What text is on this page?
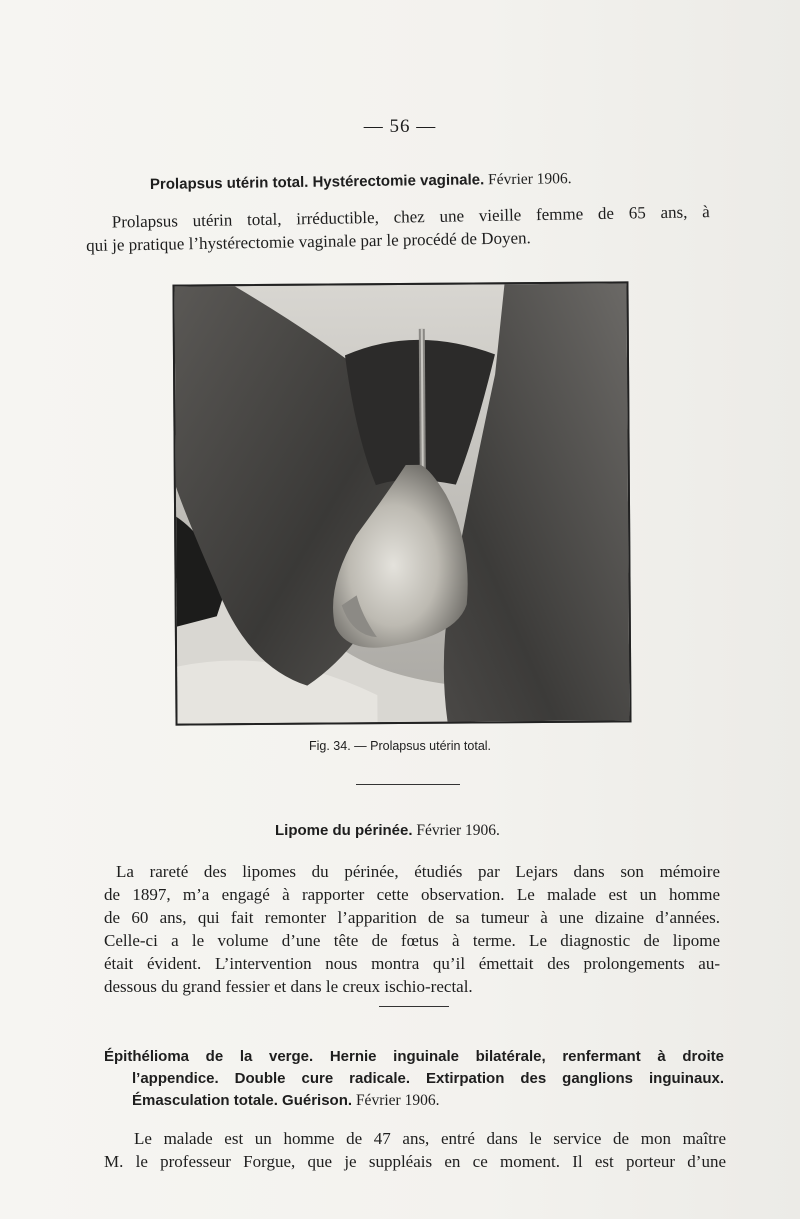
— 56 —
Prolapsus utérin total. Hystérectomie vaginale. Février 1906.
Prolapsus utérin total, irréductible, chez une vieille femme de 65 ans, à
qui je pratique l’hystérectomie vaginale par le procédé de Doyen.
Fig. 34. — Prolapsus utérin total.
Lipome du périnée. Février 1906.
La rareté des lipomes du périnée, étudiés par Lejars dans son mémoire
de 1897, m’a engagé à rapporter cette observation. Le malade est un homme
de 60 ans, qui fait remonter l’apparition de sa tumeur à une dizaine d’années.
Celle-ci a le volume d’une tête de fœtus à terme. Le diagnostic de lipome
était évident. L’intervention nous montra qu’il émettait des prolongements au-
dessous du grand fessier et dans le creux ischio-rectal.
Épithélioma de la verge. Hernie inguinale bilatérale, renfermant à droite
l’appendice. Double cure radicale. Extirpation des ganglions inguinaux.
Émasculation totale. Guérison. Février 1906.
Le malade est un homme de 47 ans, entré dans le service de mon maître
M. le professeur Forgue, que je suppléais en ce moment. Il est porteur d’une
